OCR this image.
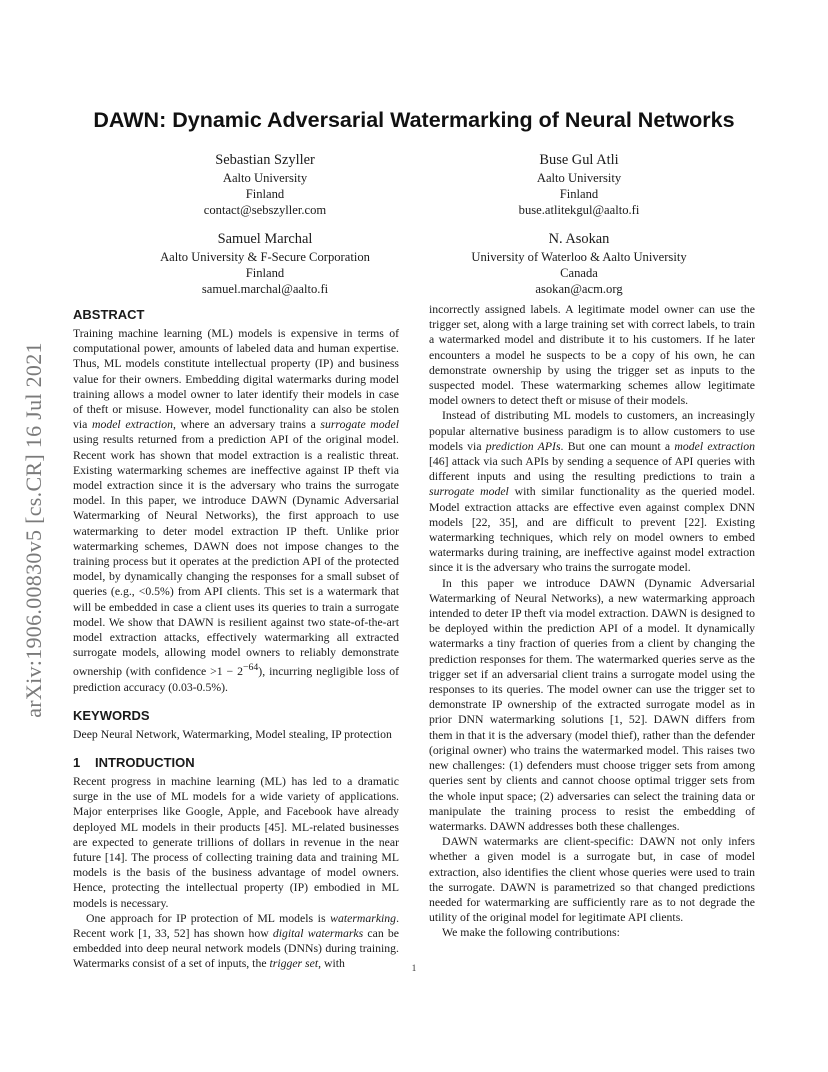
arXiv:1906.00830v5 [cs.CR] 16 Jul 2021
DAWN: Dynamic Adversarial Watermarking of Neural Networks
Sebastian Szyller
Aalto University
Finland
contact@sebszyller.com
Buse Gul Atli
Aalto University
Finland
buse.atlitekgul@aalto.fi
Samuel Marchal
Aalto University & F-Secure Corporation
Finland
samuel.marchal@aalto.fi
N. Asokan
University of Waterloo & Aalto University
Canada
asokan@acm.org
ABSTRACT

Training machine learning (ML) models is expensive in terms of computational power, amounts of labeled data and human expertise. Thus, ML models constitute intellectual property (IP) and business value for their owners. Embedding digital watermarks during model training allows a model owner to later identify their models in case of theft or misuse. However, model functionality can also be stolen via model extraction, where an adversary trains a surrogate model using results returned from a prediction API of the original model. Recent work has shown that model extraction is a realistic threat. Existing watermarking schemes are ineffective against IP theft via model extraction since it is the adversary who trains the surrogate model. In this paper, we introduce DAWN (Dynamic Adversarial Watermarking of Neural Networks), the first approach to use watermarking to deter model extraction IP theft. Unlike prior watermarking schemes, DAWN does not impose changes to the training process but it operates at the prediction API of the protected model, by dynamically changing the responses for a small subset of queries (e.g., <0.5%) from API clients. This set is a watermark that will be embedded in case a client uses its queries to train a surrogate model. We show that DAWN is resilient against two state-of-the-art model extraction attacks, effectively watermarking all extracted surrogate models, allowing model owners to reliably demonstrate ownership (with confidence $>1 - 2^{-64}$), incurring negligible loss of prediction accuracy (0.03-0.5%).

KEYWORDS

Deep Neural Network, Watermarking, Model stealing, IP protection

1 INTRODUCTION

Recent progress in machine learning (ML) has led to a dramatic surge in the use of ML models for a wide variety of applications. Major enterprises like Google, Apple, and Facebook have already deployed ML models in their products [45]. ML-related businesses are expected to generate trillions of dollars in revenue in the near future [14]. The process of collecting training data and training ML models is the basis of the business advantage of model owners. Hence, protecting the intellectual property (IP) embodied in ML models is necessary.

One approach for IP protection of ML models is watermarking. Recent work [1, 33, 52] has shown how digital watermarks can be embedded into deep neural network models (DNNs) during training. Watermarks consist of a set of inputs, the trigger set, with

incorrectly assigned labels. A legitimate model owner can use the trigger set, along with a large training set with correct labels, to train a watermarked model and distribute it to his customers. If he later encounters a model he suspects to be a copy of his own, he can demonstrate ownership by using the trigger set as inputs to the suspected model. These watermarking schemes allow legitimate model owners to detect theft or misuse of their models.

Instead of distributing ML models to customers, an increasingly popular alternative business paradigm is to allow customers to use models via prediction APIs. But one can mount a model extraction [46] attack via such APIs by sending a sequence of API queries with different inputs and using the resulting predictions to train a surrogate model with similar functionality as the queried model. Model extraction attacks are effective even against complex DNN models [22, 35], and are difficult to prevent [22]. Existing watermarking techniques, which rely on model owners to embed watermarks during training, are ineffective against model extraction since it is the adversary who trains the surrogate model.

In this paper we introduce DAWN (Dynamic Adversarial Watermarking of Neural Networks), a new watermarking approach intended to deter IP theft via model extraction. DAWN is designed to be deployed within the prediction API of a model. It dynamically watermarks a tiny fraction of queries from a client by changing the prediction responses for them. The watermarked queries serve as the trigger set if an adversarial client trains a surrogate model using the responses to its queries. The model owner can use the trigger set to demonstrate IP ownership of the extracted surrogate model as in prior DNN watermarking solutions [1, 52]. DAWN differs from them in that it is the adversary (model thief), rather than the defender (original owner) who trains the watermarked model. This raises two new challenges: (1) defenders must choose trigger sets from among queries sent by clients and cannot choose optimal trigger sets from the whole input space; (2) adversaries can select the training data or manipulate the training process to resist the embedding of watermarks. DAWN addresses both these challenges.

DAWN watermarks are client-specific: DAWN not only infers whether a given model is a surrogate but, in case of model extraction, also identifies the client whose queries were used to train the surrogate. DAWN is parametrized so that changed predictions needed for watermarking are sufficiently rare as to not degrade the utility of the original model for legitimate API clients.

We make the following contributions:

1
